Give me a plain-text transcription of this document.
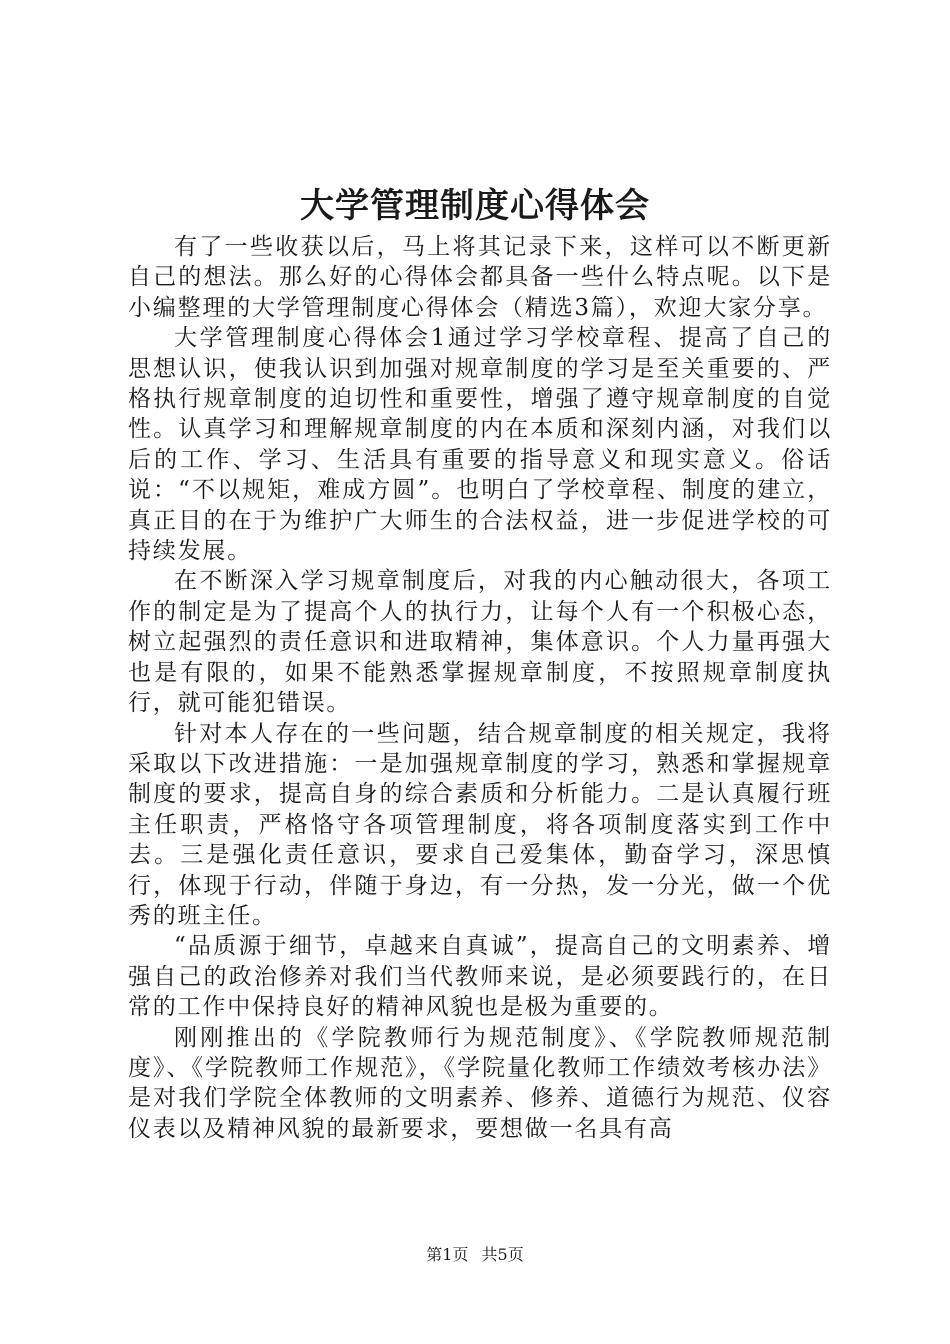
大学管理制度心得体会

有了一些收获以后，马上将其记录下来，这样可以不断更新自己的想法。那么好的心得体会都具备一些什么特点呢。以下是小编整理的大学管理制度心得体会（精选3篇），欢迎大家分享。

大学管理制度心得体会1通过学习学校章程、提高了自己的思想认识，使我认识到加强对规章制度的学习是至关重要的、严格执行规章制度的迫切性和重要性，增强了遵守规章制度的自觉性。认真学习和理解规章制度的内在本质和深刻内涵，对我们以后的工作、学习、生活具有重要的指导意义和现实意义。俗话说：“不以规矩，难成方圆”。也明白了学校章程、制度的建立，真正目的在于为维护广大师生的合法权益，进一步促进学校的可持续发展。

在不断深入学习规章制度后，对我的内心触动很大，各项工作的制定是为了提高个人的执行力，让每个人有一个积极心态，树立起强烈的责任意识和进取精神，集体意识。个人力量再强大也是有限的，如果不能熟悉掌握规章制度，不按照规章制度执行，就可能犯错误。

针对本人存在的一些问题，结合规章制度的相关规定，我将采取以下改进措施：一是加强规章制度的学习，熟悉和掌握规章制度的要求，提高自身的综合素质和分析能力。二是认真履行班主任职责，严格恪守各项管理制度，将各项制度落实到工作中去。三是强化责任意识，要求自己爱集体，勤奋学习，深思慎行，体现于行动，伴随于身边，有一分热，发一分光，做一个优秀的班主任。

“品质源于细节，卓越来自真诚”，提高自己的文明素养、增强自己的政治修养对我们当代教师来说，是必须要践行的，在日常的工作中保持良好的精神风貌也是极为重要的。

刚刚推出的《学院教师行为规范制度》、《学院教师规范制度》、《学院教师工作规范》，《学院量化教师工作绩效考核办法》是对我们学院全体教师的文明素养、修养、道德行为规范、仪容仪表以及精神风貌的最新要求，要想做一名具有高

第1页 共5页
